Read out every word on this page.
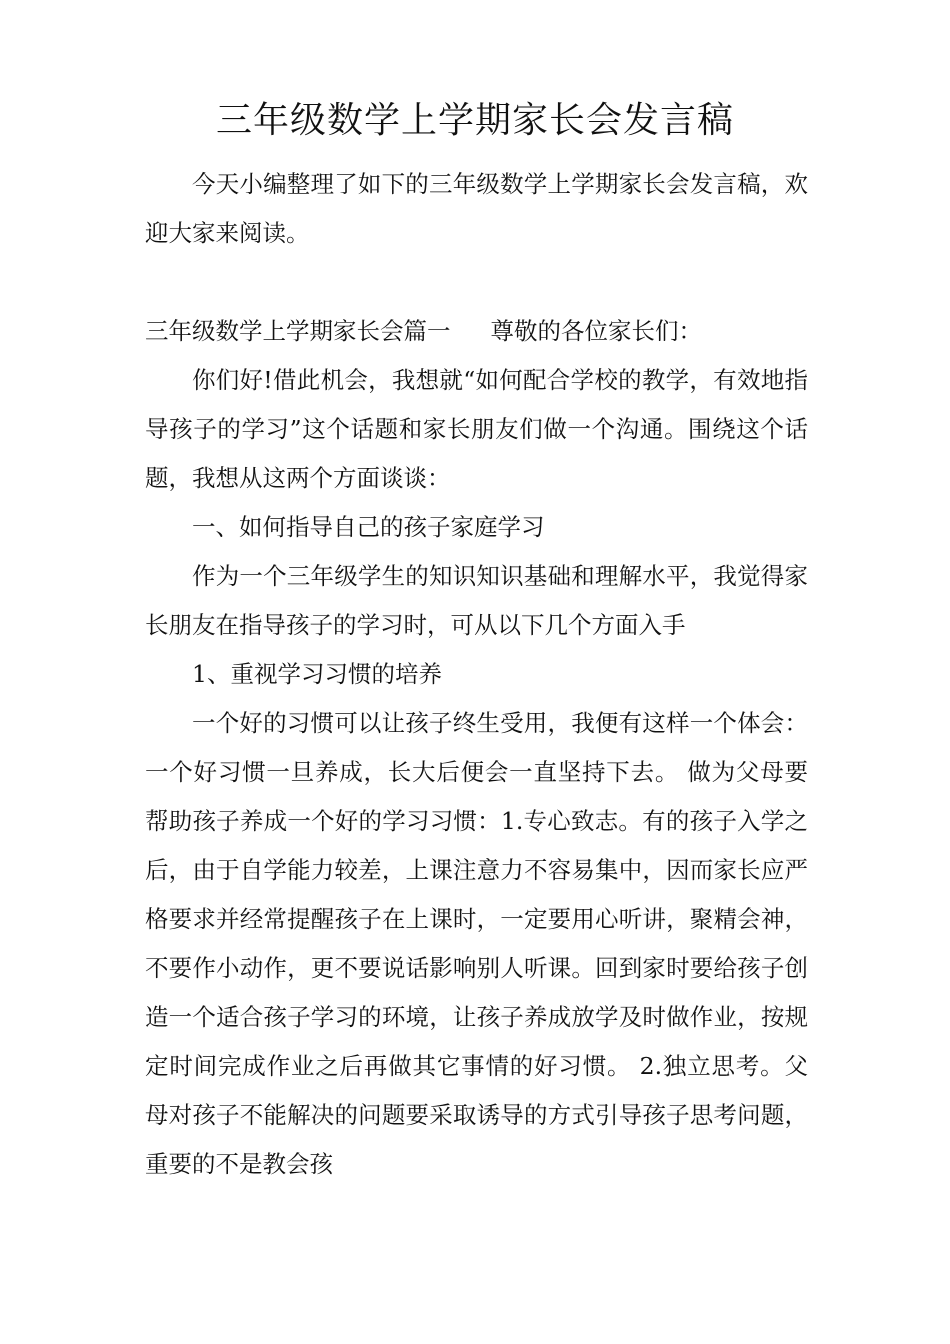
三年级数学上学期家长会发言稿

今天小编整理了如下的三年级数学上学期家长会发言稿，欢迎大家来阅读。

三年级数学上学期家长会篇一 尊敬的各位家长们：

你们好!借此机会，我想就“如何配合学校的教学，有效地指导孩子的学习”这个话题和家长朋友们做一个沟通。围绕这个话题，我想从这两个方面谈谈：

一、如何指导自己的孩子家庭学习

作为一个三年级学生的知识知识基础和理解水平，我觉得家长朋友在指导孩子的学习时，可从以下几个方面入手

1、重视学习习惯的培养

一个好的习惯可以让孩子终生受用，我便有这样一个体会：一个好习惯一旦养成，长大后便会一直坚持下去。 做为父母要帮助孩子养成一个好的学习习惯：1.专心致志。有的孩子入学之后，由于自学能力较差，上课注意力不容易集中，因而家长应严格要求并经常提醒孩子在上课时，一定要用心听讲，聚精会神，不要作小动作，更不要说话影响别人听课。回到家时要给孩子创造一个适合孩子学习的环境，让孩子养成放学及时做作业，按规定时间完成作业之后再做其它事情的好习惯。 2.独立思考。父母对孩子不能解决的问题要采取诱导的方式引导孩子思考问题，重要的不是教会孩
